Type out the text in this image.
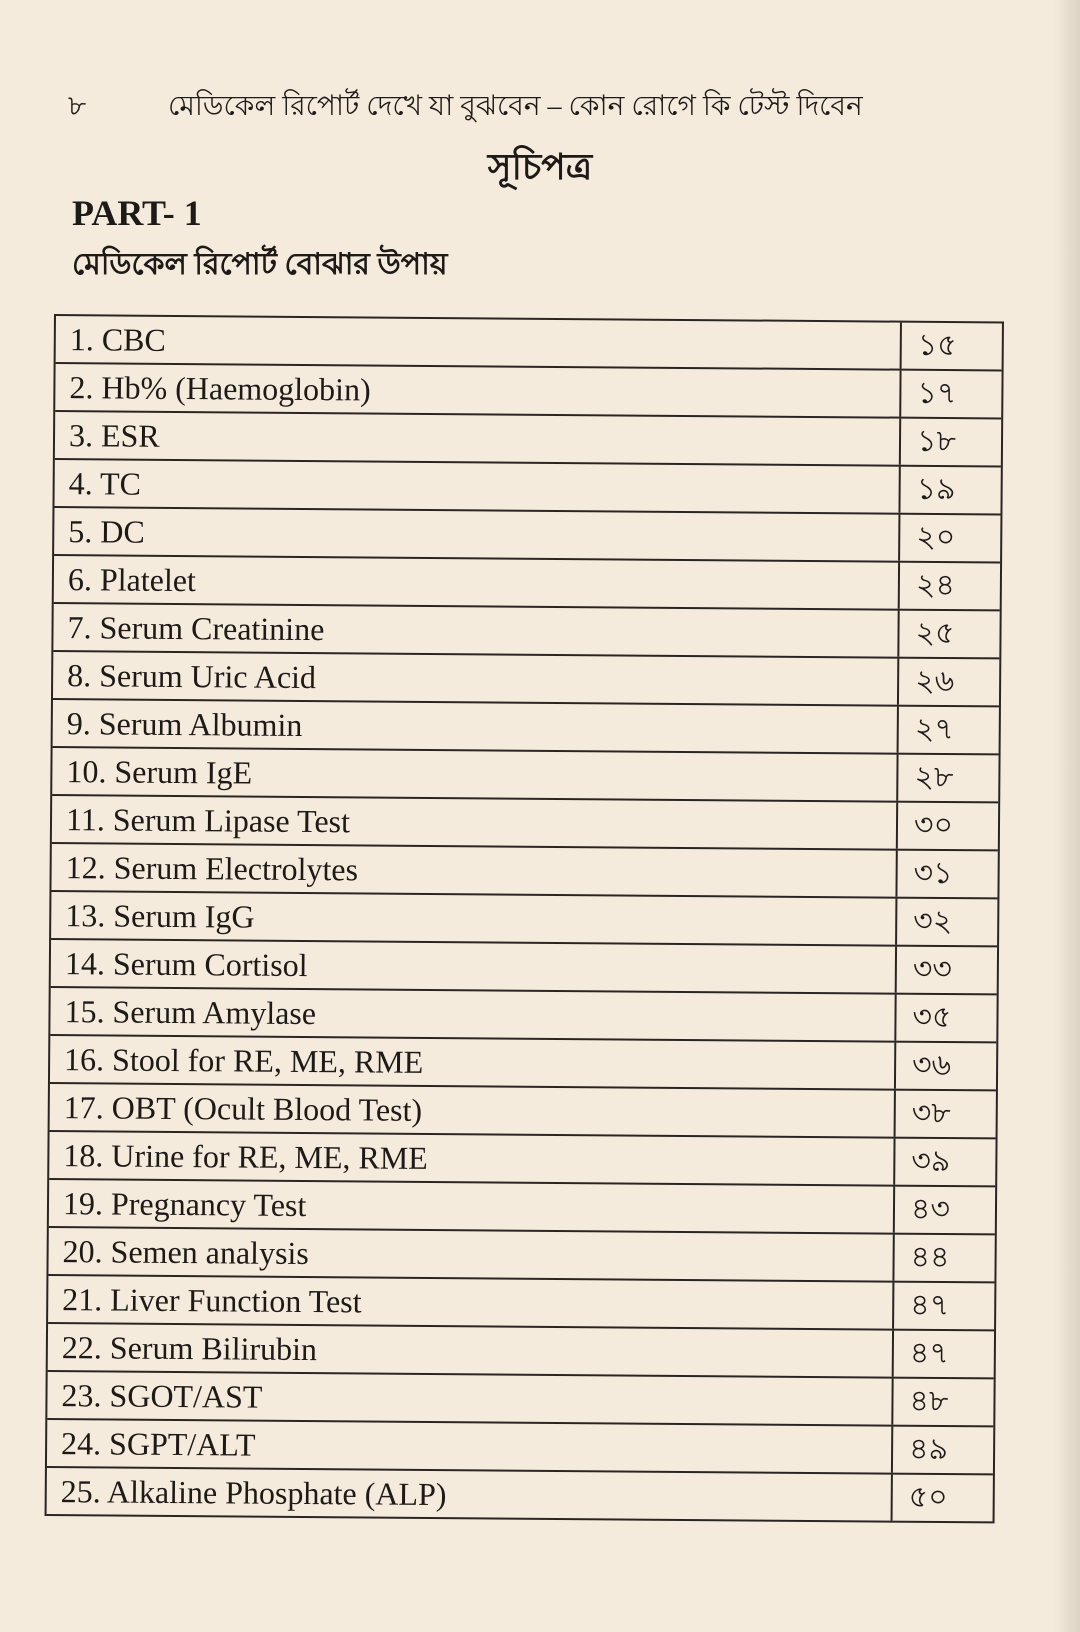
৮	মেডিকেল রিপোর্ট দেখে যা বুঝবেন – কোন রোগে কি টেস্ট দিবেন
সূচিপত্র
PART- 1
মেডিকেল রিপোর্ট বোঝার উপায়
1. CBC	১৫
2. Hb% (Haemoglobin)	১৭
3. ESR	১৮
4. TC	১৯
5. DC	২০
6. Platelet	২৪
7. Serum Creatinine	২৫
8. Serum Uric Acid	২৬
9. Serum Albumin	২৭
10. Serum IgE	২৮
11. Serum Lipase Test	৩০
12. Serum Electrolytes	৩১
13. Serum IgG	৩২
14. Serum Cortisol	৩৩
15. Serum Amylase	৩৫
16. Stool for RE, ME, RME	৩৬
17. OBT (Ocult Blood Test)	৩৮
18. Urine for RE, ME, RME	৩৯
19. Pregnancy Test	৪৩
20. Semen analysis	৪৪
21. Liver Function Test	৪৭
22. Serum Bilirubin	৪৭
23. SGOT/AST	৪৮
24. SGPT/ALT	৪৯
25. Alkaline Phosphate (ALP)	৫০
